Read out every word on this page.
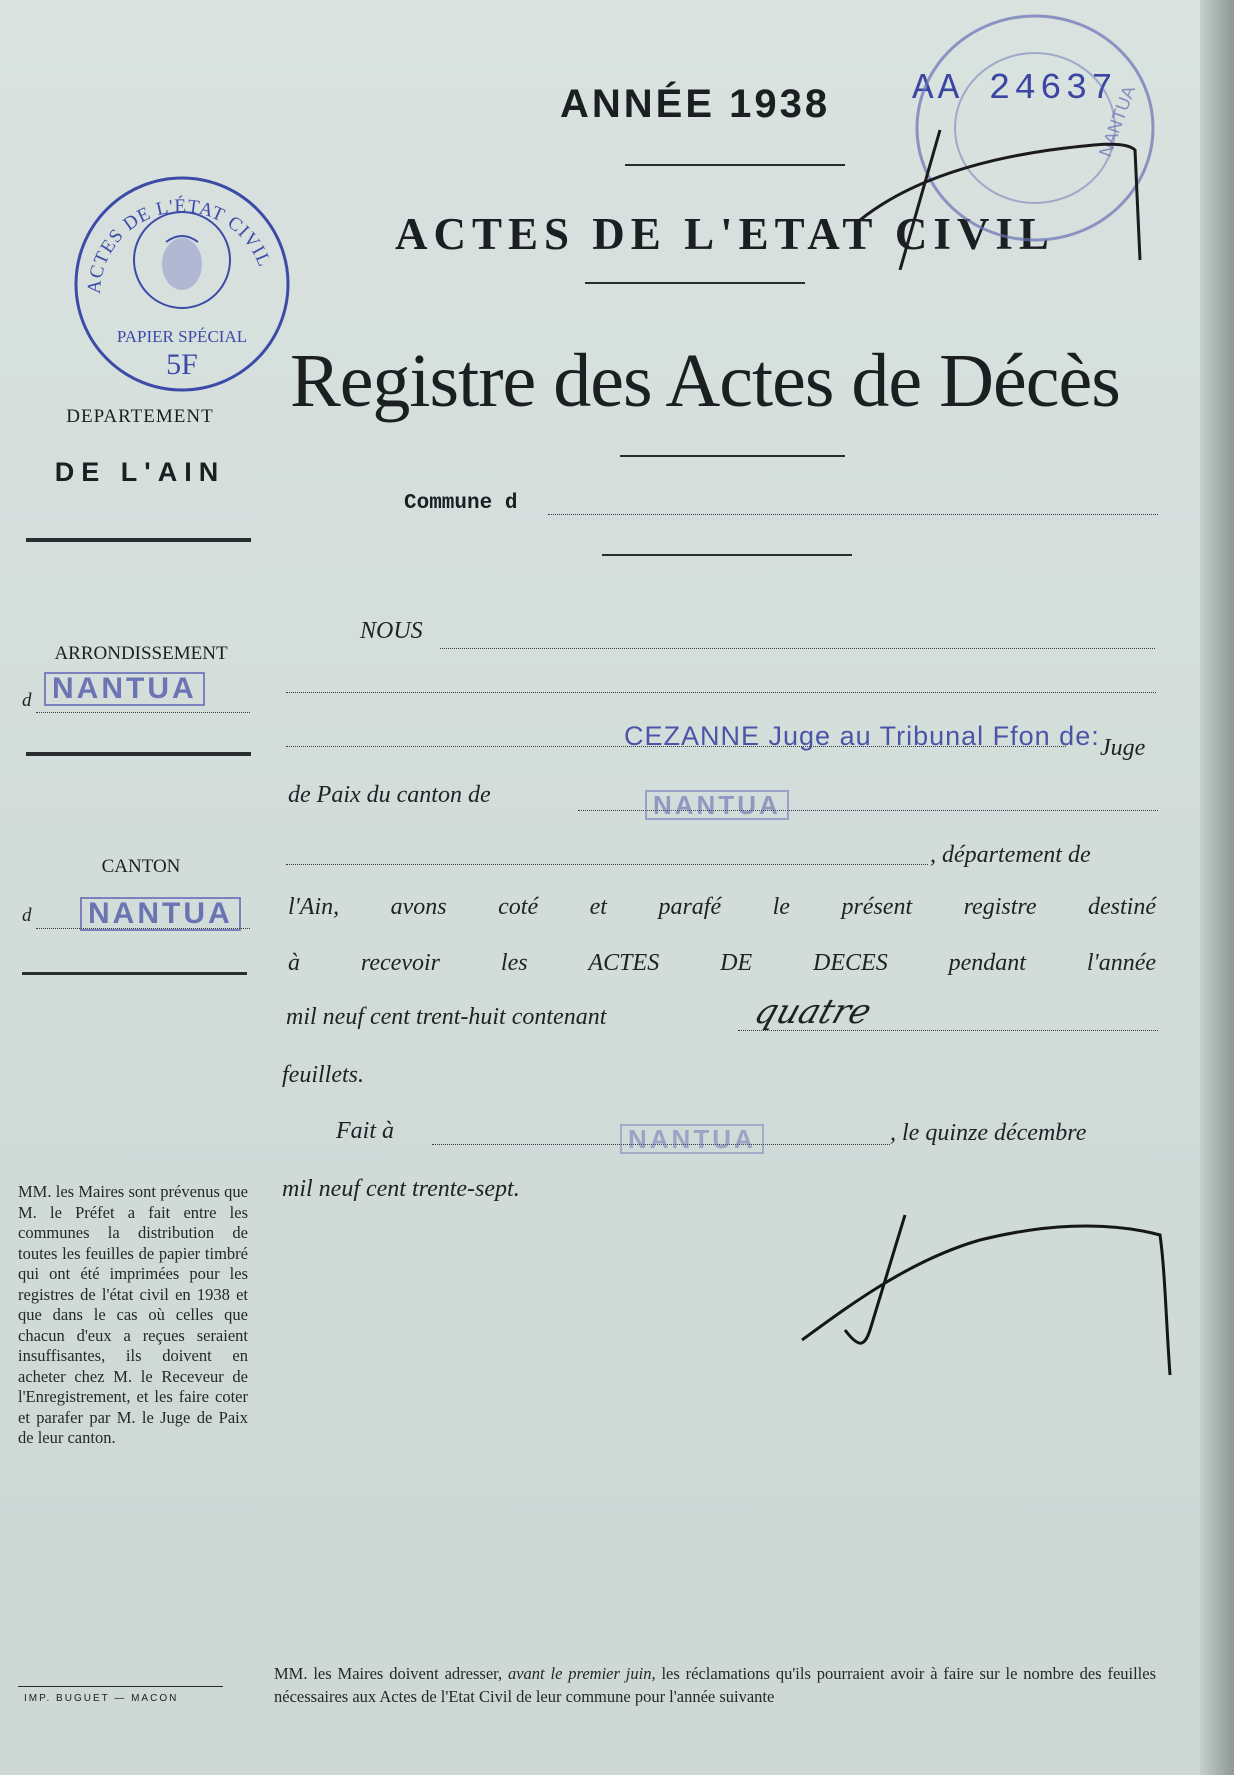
ANNÉE 1938 AA 24637
ACTES DE L'ETAT CIVIL
Registre des Actes de Décès
NANTUA
ACTES DE L'ÉTAT CIVIL
PAPIER SPÉCIAL
5F
DEPARTEMENT
DE L'AIN
ARRONDISSEMENT
d NANTUA
CANTON
d NANTUA
MM. les Maires sont prévenus que M. le Préfet a fait entre les communes la distribution de toutes les feuilles de papier timbré qui ont été imprimées pour les registres de l'état civil en 1938 et que dans le cas où celles que chacun d'eux a reçues seraient insuffisantes, ils doivent en acheter chez M. le Receveur de l'Enregistrement, et les faire coter et parafer par M. le Juge de Paix de leur canton.
IMP. BUGUET — MACON
Commune d
NOUS
CEZANNE Juge au Tribunal Ffon de: Juge
de Paix du canton de	NANTUA
, département de
l'Ain, avons coté et parafé le présent registre destiné
à	recevoir	les	ACTES	DE	DECES	pendant	l'année
mil neuf cent trent-huit contenant	quatre
feuillets.
Fait à	NANTUA	, le quinze décembre
mil neuf cent trente-sept.
MM. les Maires doivent adresser, avant le premier juin, les réclamations qu'ils pourraient avoir à faire sur le nombre des feuilles nécessaires aux Actes de l'Etat Civil de leur commune pour l'année suivante
